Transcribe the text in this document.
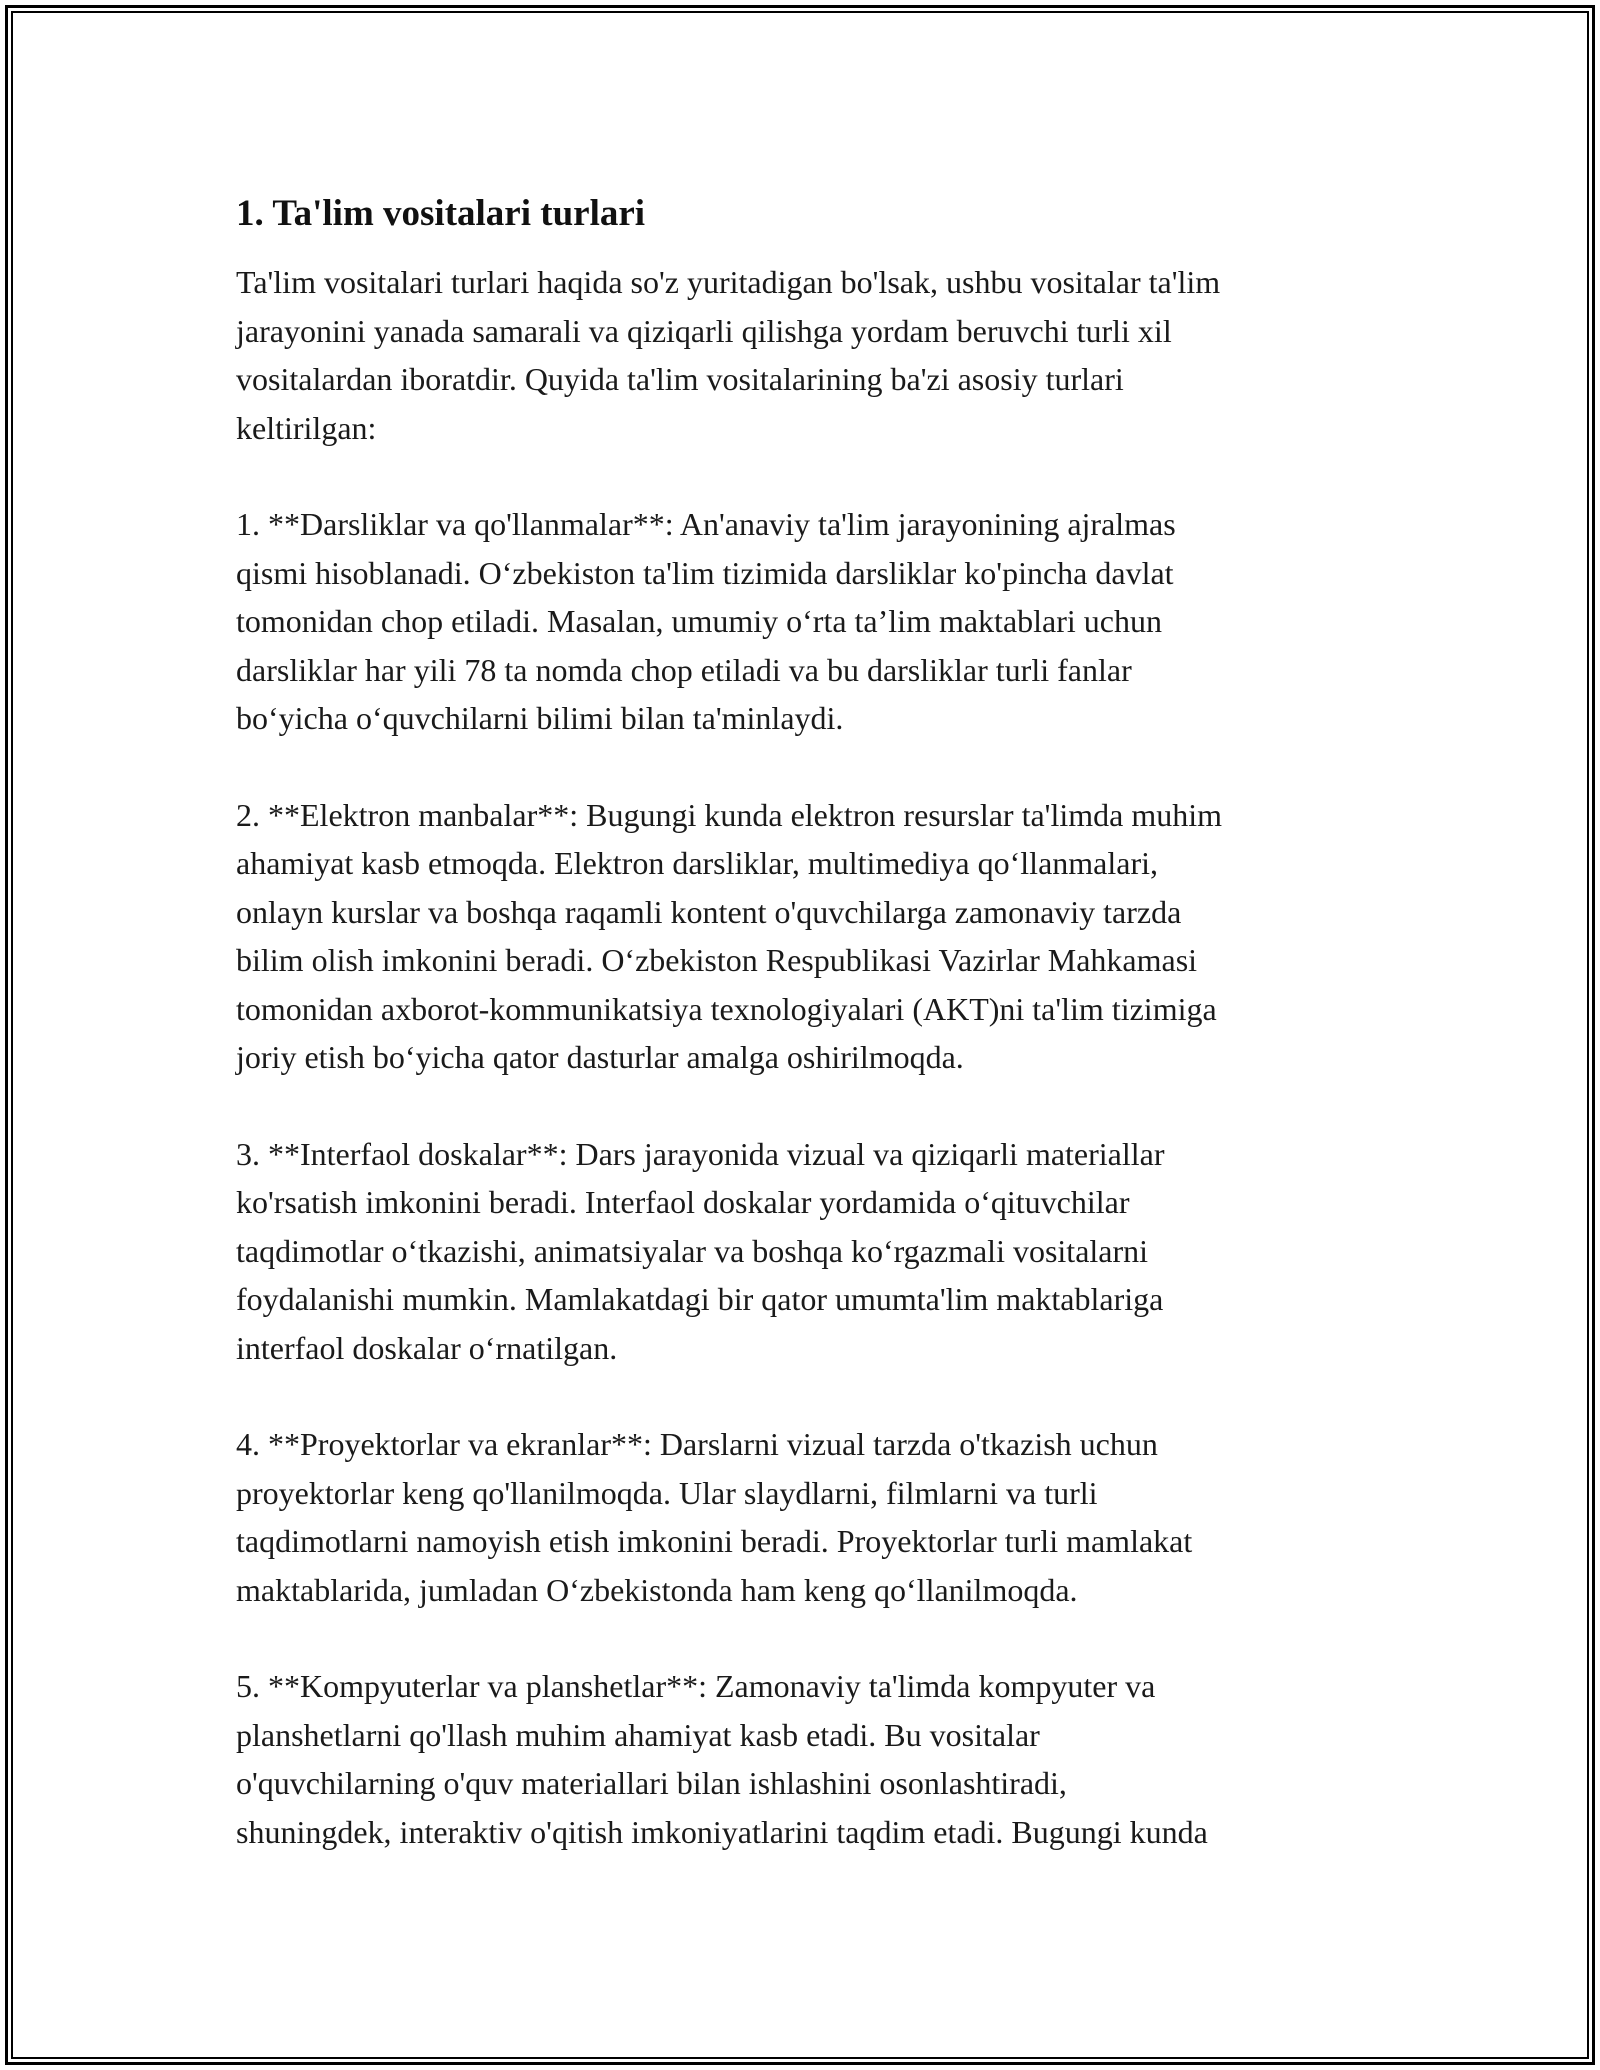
1. Ta'lim vositalari turlari

Ta'lim vositalari turlari haqida so'z yuritadigan bo'lsak, ushbu vositalar ta'lim
jarayonini yanada samarali va qiziqarli qilishga yordam beruvchi turli xil
vositalardan iboratdir. Quyida ta'lim vositalarining ba'zi asosiy turlari
keltirilgan:

1. **Darsliklar va qo'llanmalar**: An'anaviy ta'lim jarayonining ajralmas
qismi hisoblanadi. O‘zbekiston ta'lim tizimida darsliklar ko'pincha davlat
tomonidan chop etiladi. Masalan, umumiy o‘rta ta’lim maktablari uchun
darsliklar har yili 78 ta nomda chop etiladi va bu darsliklar turli fanlar
bo‘yicha o‘quvchilarni bilimi bilan ta'minlaydi.

2. **Elektron manbalar**: Bugungi kunda elektron resurslar ta'limda muhim
ahamiyat kasb etmoqda. Elektron darsliklar, multimediya qo‘llanmalari,
onlayn kurslar va boshqa raqamli kontent o'quvchilarga zamonaviy tarzda
bilim olish imkonini beradi. O‘zbekiston Respublikasi Vazirlar Mahkamasi
tomonidan axborot-kommunikatsiya texnologiyalari (AKT)ni ta'lim tizimiga
joriy etish bo‘yicha qator dasturlar amalga oshirilmoqda.

3. **Interfaol doskalar**: Dars jarayonida vizual va qiziqarli materiallar
ko'rsatish imkonini beradi. Interfaol doskalar yordamida o‘qituvchilar
taqdimotlar o‘tkazishi, animatsiyalar va boshqa ko‘rgazmali vositalarni
foydalanishi mumkin. Mamlakatdagi bir qator umumta'lim maktablariga
interfaol doskalar o‘rnatilgan.

4. **Proyektorlar va ekranlar**: Darslarni vizual tarzda o'tkazish uchun
proyektorlar keng qo'llanilmoqda. Ular slaydlarni, filmlarni va turli
taqdimotlarni namoyish etish imkonini beradi. Proyektorlar turli mamlakat
maktablarida, jumladan O‘zbekistonda ham keng qo‘llanilmoqda.

5. **Kompyuterlar va planshetlar**: Zamonaviy ta'limda kompyuter va
planshetlarni qo'llash muhim ahamiyat kasb etadi. Bu vositalar
o'quvchilarning o'quv materiallari bilan ishlashini osonlashtiradi,
shuningdek, interaktiv o'qitish imkoniyatlarini taqdim etadi. Bugungi kunda
